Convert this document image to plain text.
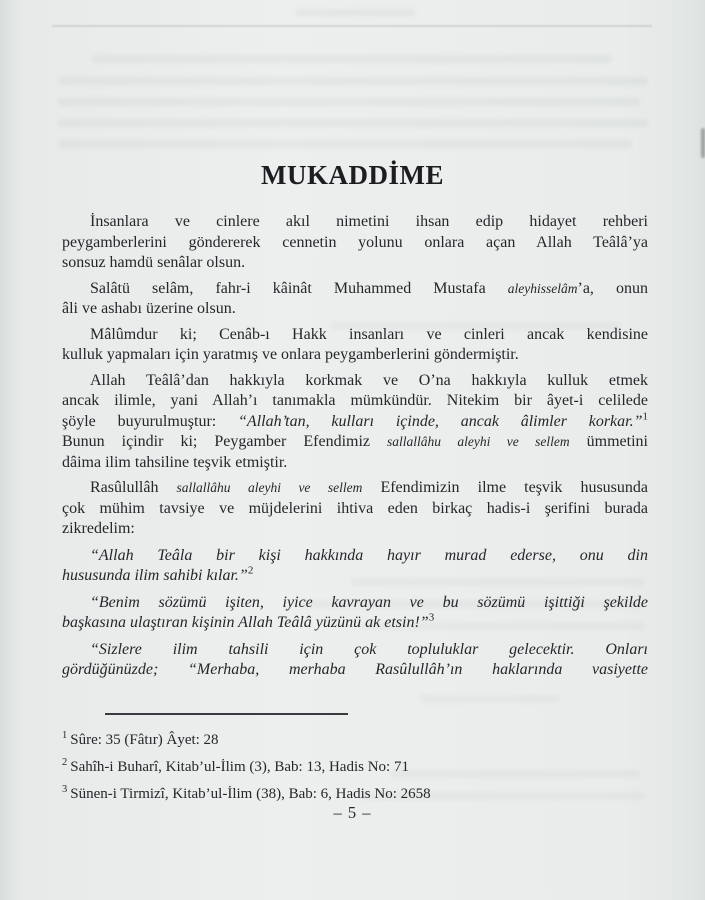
MUKADDİME
İnsanlara ve cinlere akıl nimetini ihsan edip hidayet rehberi
peygamberlerini göndererek cennetin yolunu onlara açan Allah Teâlâ’ya
sonsuz hamdü senâlar olsun.
Salâtü selâm, fahr-i kâinât Muhammed Mustafa aleyhisselâm’a, onun
âli ve ashabı üzerine olsun.
Mâlûmdur ki; Cenâb-ı Hakk insanları ve cinleri ancak kendisine
kulluk yapmaları için yaratmış ve onlara peygamberlerini göndermiştir.
Allah Teâlâ’dan hakkıyla korkmak ve O’na hakkıyla kulluk etmek
ancak ilimle, yani Allah’ı tanımakla mümkündür. Nitekim bir âyet-i celilede
şöyle buyurulmuştur: “Allah’tan, kulları içinde, ancak âlimler korkar.”$^1$
Bunun içindir ki; Peygamber Efendimiz sallallâhu aleyhi ve sellem ümmetini
dâima ilim tahsiline teşvik etmiştir.
Rasûlullâh sallallâhu aleyhi ve sellem Efendimizin ilme teşvik hususunda
çok mühim tavsiye ve müjdelerini ihtiva eden birkaç hadis-i şerifini burada
zikredelim:
“Allah Teâla bir kişi hakkında hayır murad ederse, onu din
hususunda ilim sahibi kılar.”$^2$
“Benim sözümü işiten, iyice kavrayan ve bu sözümü işittiği şekilde
başkasına ulaştıran kişinin Allah Teâlâ yüzünü ak etsin!”$^3$
“Sizlere ilim tahsili için çok topluluklar gelecektir. Onları
gördüğünüzde; “Merhaba, merhaba Rasûlullâh’ın haklarında vasiyette
$^1$ Sûre: 35 (Fâtır) Âyet: 28
$^2$ Sahîh-i Buharî, Kitab’ul-İlim (3), Bab: 13, Hadis No: 71
$^3$ Sünen-i Tirmizî, Kitab’ul-İlim (38), Bab: 6, Hadis No: 2658
– 5 –
